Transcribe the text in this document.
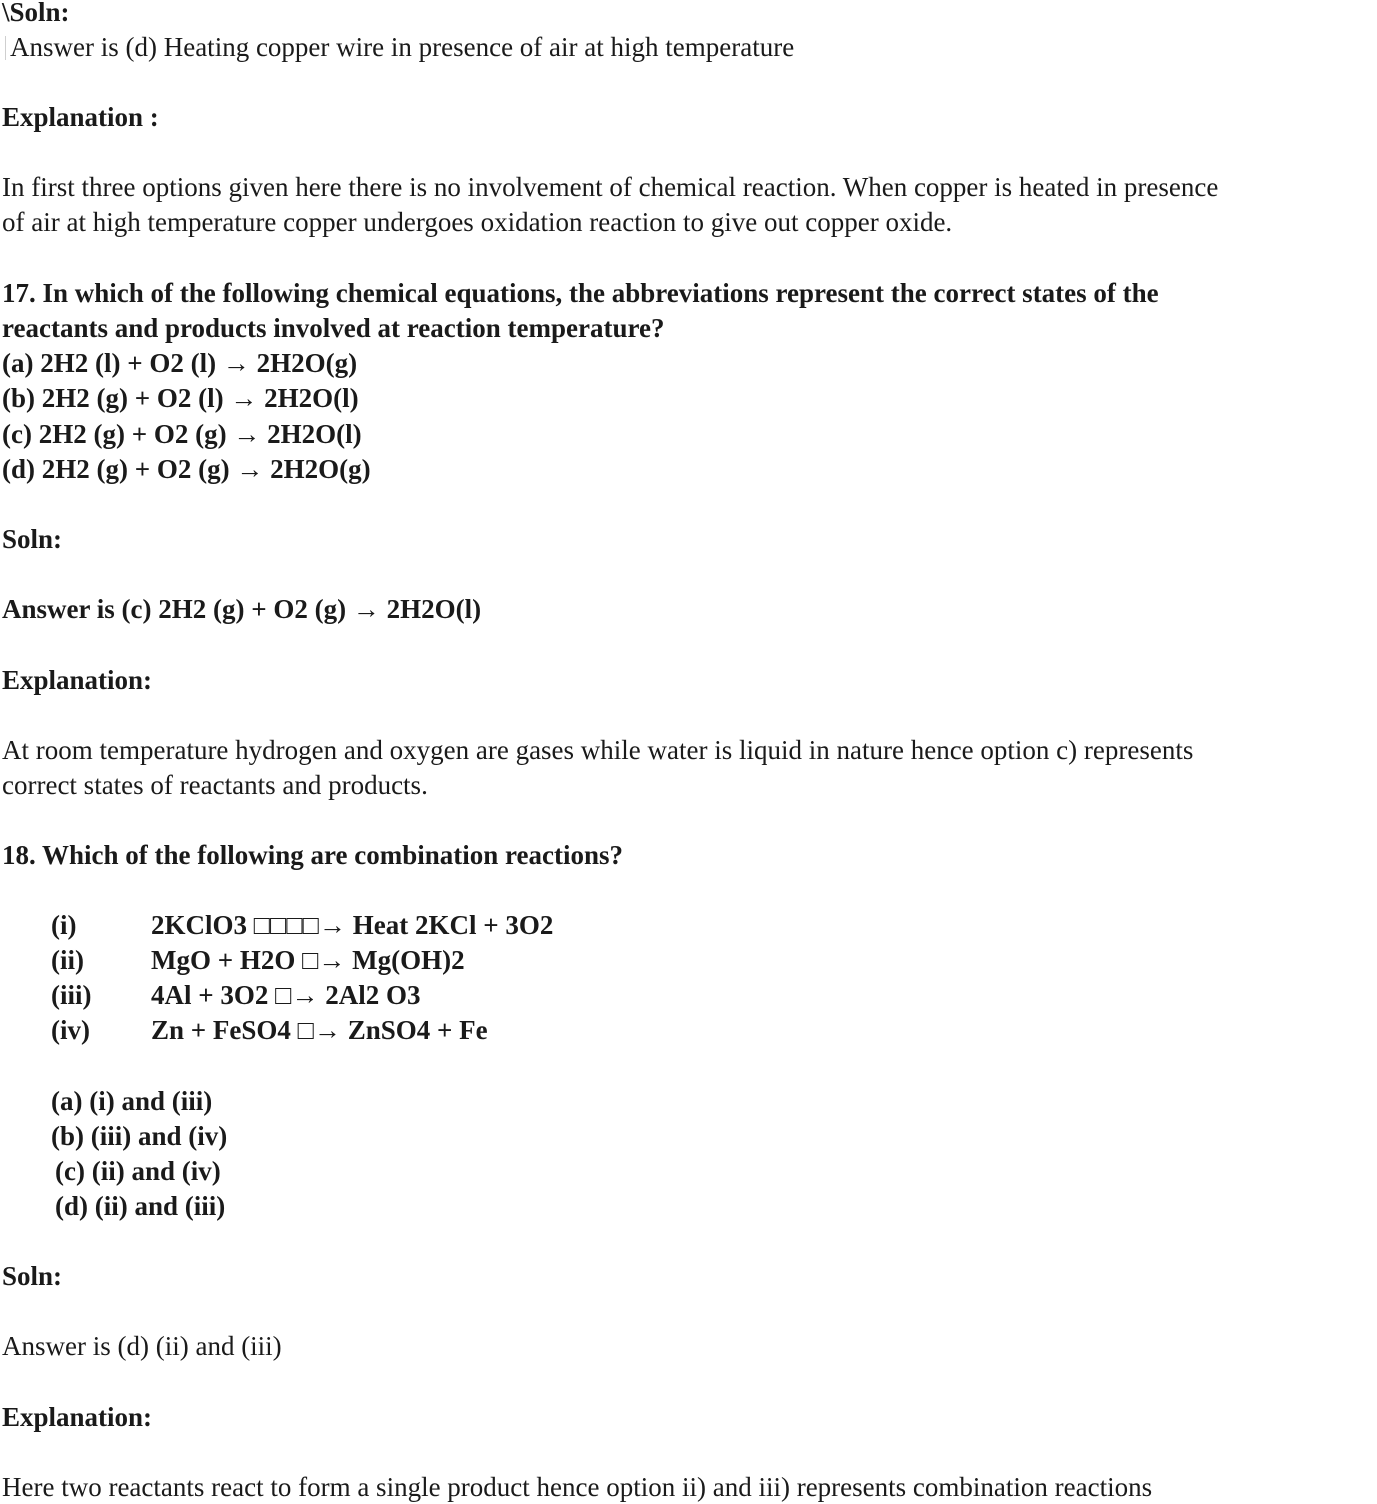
\Soln:
Answer is (d) Heating copper wire in presence of air at high temperature
Explanation :
In first three options given here there is no involvement of chemical reaction. When copper is heated in presence
of air at high temperature copper undergoes oxidation reaction to give out copper oxide.
17. In which of the following chemical equations, the abbreviations represent the correct states of the
reactants and products involved at reaction temperature?
(a) 2H2 (l) + O2 (l) → 2H2O(g)
(b) 2H2 (g) + O2 (l) → 2H2O(l)
(c) 2H2 (g) + O2 (g) → 2H2O(l)
(d) 2H2 (g) + O2 (g) → 2H2O(g)
Soln:
Answer is (c) 2H2 (g) + O2 (g) → 2H2O(l)
Explanation:
At room temperature hydrogen and oxygen are gases while water is liquid in nature hence option c) represents
correct states of reactants and products.
18. Which of the following are combination reactions?
(i)	2KClO3 □□□□→ Heat 2KCl + 3O2
(ii) MgO + H2O □→ Mg(OH)2
(iii) 4Al + 3O2 □→ 2Al2 O3
(iv) Zn + FeSO4 □→ ZnSO4 + Fe
(a) (i) and (iii)
(b) (iii) and (iv)
(c) (ii) and (iv)
(d) (ii) and (iii)
Soln:
Answer is (d) (ii) and (iii)
Explanation:
Here two reactants react to form a single product hence option ii) and iii) represents combination reactions
